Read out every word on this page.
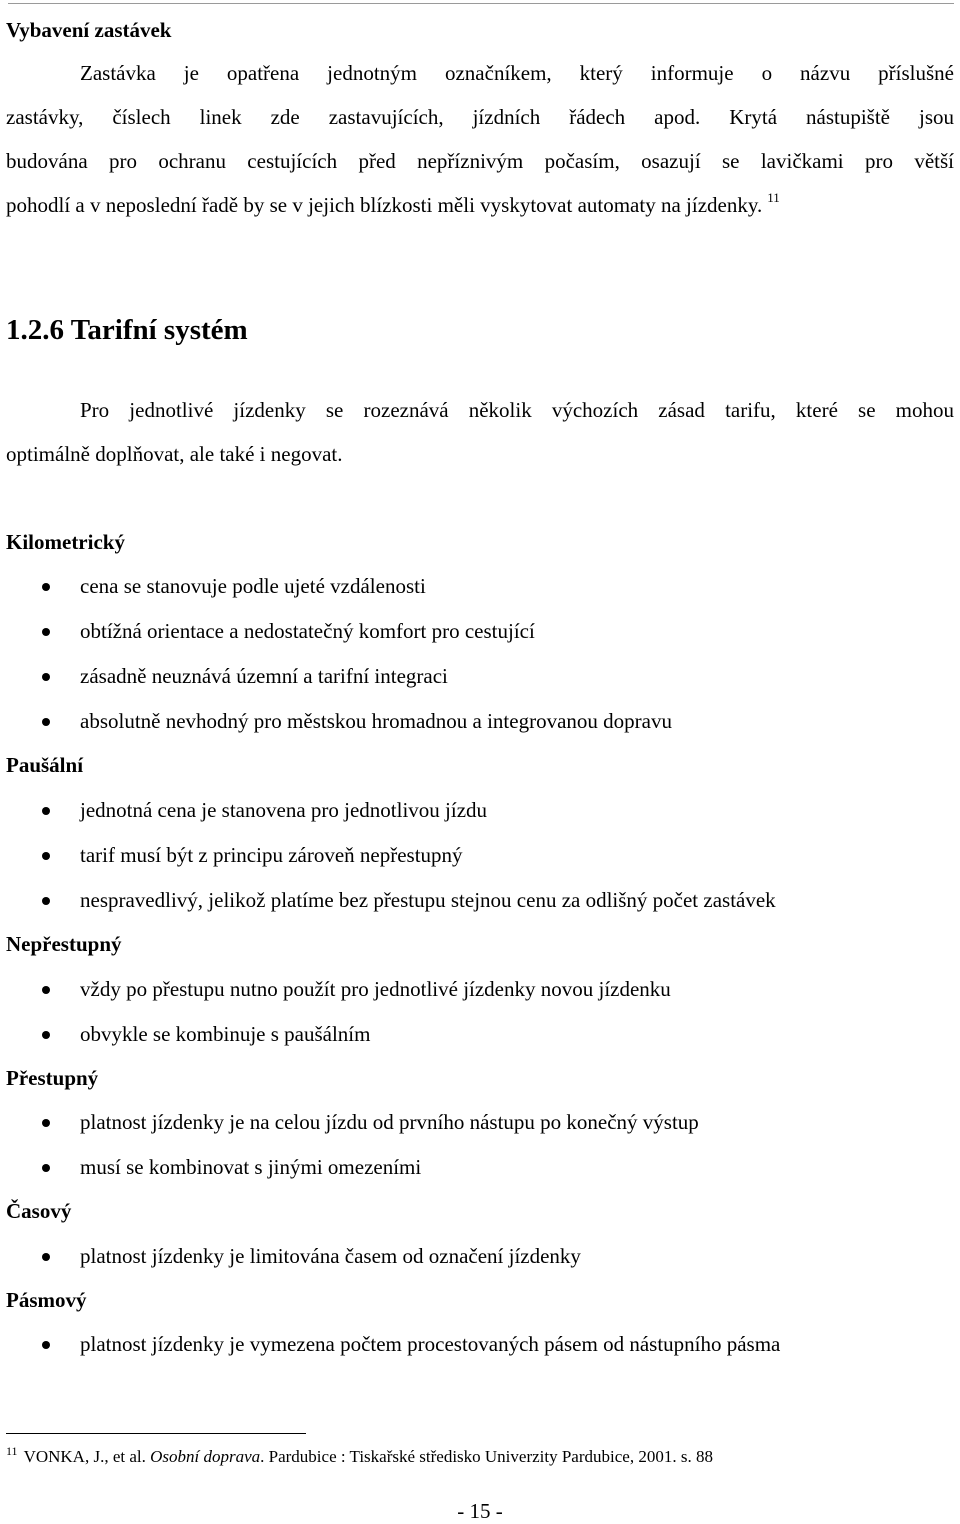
Vybavení zastávek
Zastávka je opatřena jednotným označníkem, který informuje o názvu příslušné
zastávky, číslech linek zde zastavujících, jízdních řádech apod. Krytá nástupiště jsou
budována pro ochranu cestujících před nepříznivým počasím, osazují se lavičkami pro větší
pohodlí a v neposlední řadě by se v jejich blízkosti měli vyskytovat automaty na jízdenky. $^{11}$
1.2.6 Tarifní systém
Pro jednotlivé jízdenky se rozeznává několik výchozích zásad tarifu, které se mohou
optimálně doplňovat, ale také i negovat.
Kilometrický
cena se stanovuje podle ujeté vzdálenosti
obtížná orientace a nedostatečný komfort pro cestující
zásadně neuznává územní a tarifní integraci
absolutně nevhodný pro městskou hromadnou a integrovanou dopravu
Paušální
jednotná cena je stanovena pro jednotlivou jízdu
tarif musí být z principu zároveň nepřestupný
nespravedlivý, jelikož platíme bez přestupu stejnou cenu za odlišný počet zastávek
Nepřestupný
vždy po přestupu nutno použít pro jednotlivé jízdenky novou jízdenku
obvykle se kombinuje s paušálním
Přestupný
platnost jízdenky je na celou jízdu od prvního nástupu po konečný výstup
musí se kombinovat s jinými omezeními
Časový
platnost jízdenky je limitována časem od označení jízdenky
Pásmový
platnost jízdenky je vymezena počtem procestovaných pásem od nástupního pásma
$^{11}$ VONKA, J., et al. Osobní doprava. Pardubice : Tiskařské středisko Univerzity Pardubice, 2001. s. 88
- 15 -
